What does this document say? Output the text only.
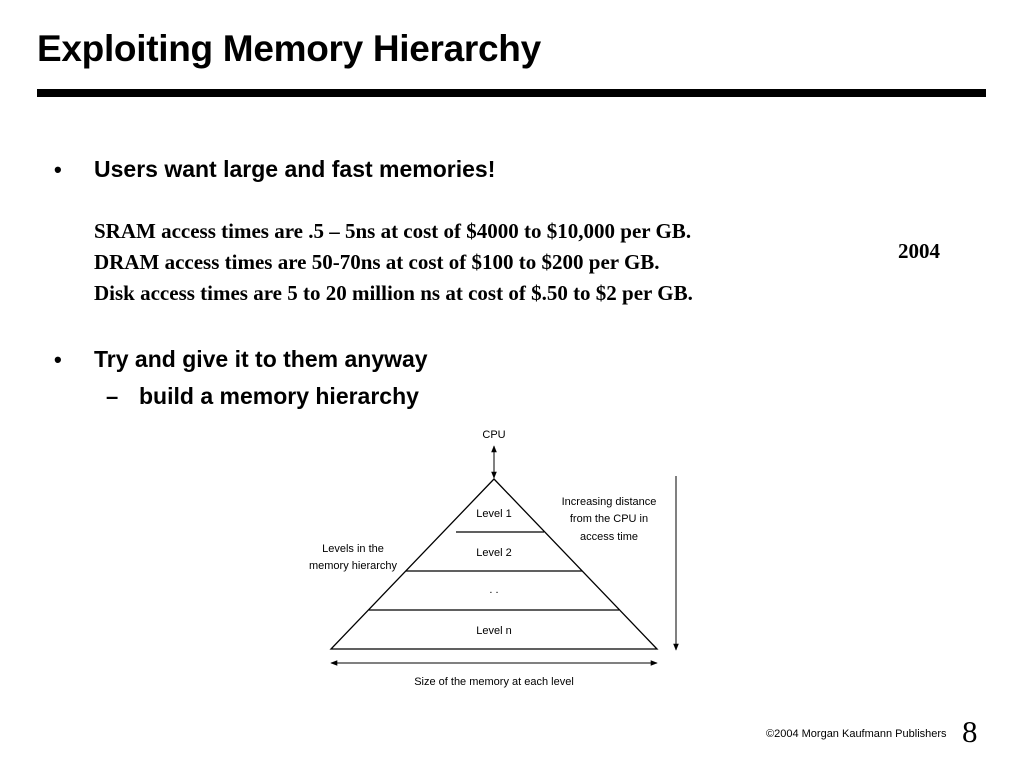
Exploiting Memory Hierarchy
• Users want large and fast memories!
SRAM access times are .5 – 5ns at cost of $4000 to $10,000 per GB.
DRAM access times are 50-70ns at cost of $100 to $200 per GB.
Disk access times are 5 to 20 million ns at cost of $.50 to $2 per GB.
2004
• Try and give it to them anyway
– build a memory hierarchy
CPU
Level 1
Level 2
. .
Level n
Levels in the
memory hierarchy
Increasing distance
from the CPU in
access time
Size of the memory at each level
©2004 Morgan Kaufmann Publishers 8
